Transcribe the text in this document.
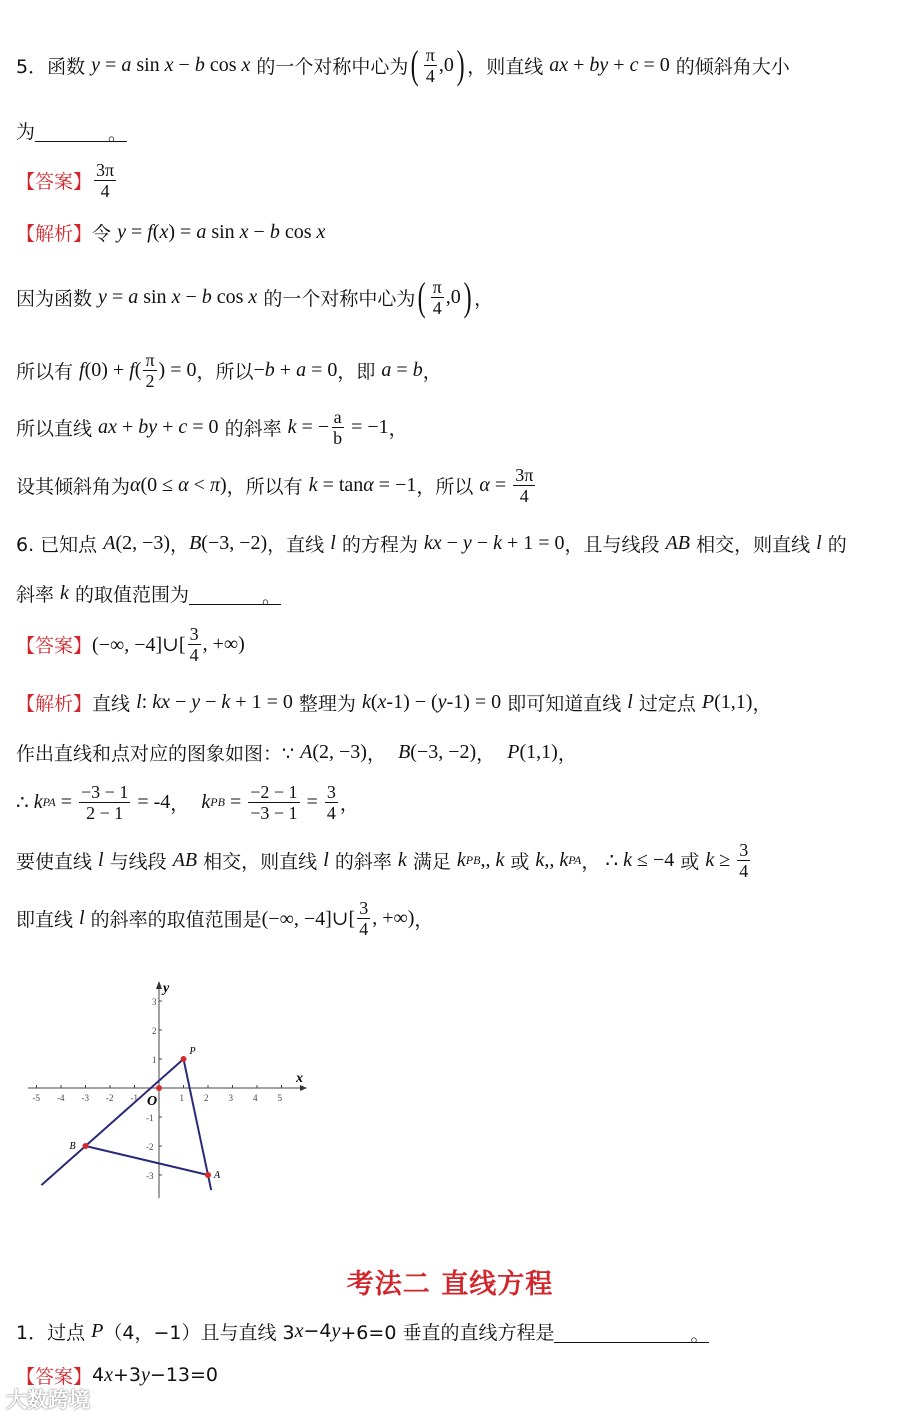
5．函数 y = a sin x − b cos x 的一个对称中心为 ( $\frac{\pi}{4} ,0$ ) ，则直线 ax + by + c = 0 的倾斜角大小
为	。
【答案】 $\frac{3\pi}{4}$
【解析】 令 y = f ( x ) = a sin x − b cos x
因为函数 y = a sin x − b cos x 的一个对称中心为 ( $\frac{\pi}{4} ,0$ ) ，
所以有 f (0) + f ( $\frac{\pi}{2}$ ) = 0 ，所以 − b + a = 0 ，即 a = b ，
所以直线 ax + by + c = 0 的斜率 k = − $\frac{a}{b} = -1$ ，
设其倾斜角为 α (0 ≤ α < π ) ，所以有 k = tan α = −1 ，所以 $\alpha = \frac{3\pi}{4}$
6. 已知点 A (2, −3) ， B (−3, −2) ，直线 l 的方程为 kx − y − k + 1 = 0 ，且与线段 AB 相交，则直线 l 的
斜率 k 的取值范围为	。
【答案】 (−∞, −4]∪[ $\frac{3}{4}$ , +∞)
【解析】 直线 l : kx − y − k + 1 = 0 整理为 k ( x -1) − ( y -1) = 0 即可知道直线 l 过定点 P (1,1) ，
作出直线和点对应的图象如图：∵ A (2, −3) ， B (−3, −2) ， P (1,1) ，
∴ k PA = $\frac{-3 - 1}{2 - 1} = -4$ ， k PB = $\frac{-2 - 1}{-3 - 1} = \frac{3}{4}$ ，
要使直线 l 与线段 AB 相交，则直线 l 的斜率 k 满足 k PB ,, k 或 k ,, k PA ， ∴ k ≤ −4 或 $k \ge \frac{3}{4}$
即直线 l 的斜率的取值范围是 (−∞, −4]∪[ $\frac{3}{4}$ , +∞) ，
1．过点 P （4，−1）且与直线 3 x −4 y +6=0 垂直的直线方程是	。
【答案】 4 x +3 y −13=0
考法二 直线方程
x
y
O
-5 -4 -3 -2 -1	1 2 3 4 5
3
2
1
-1
-2
-3
P
A
B
大数跨境
